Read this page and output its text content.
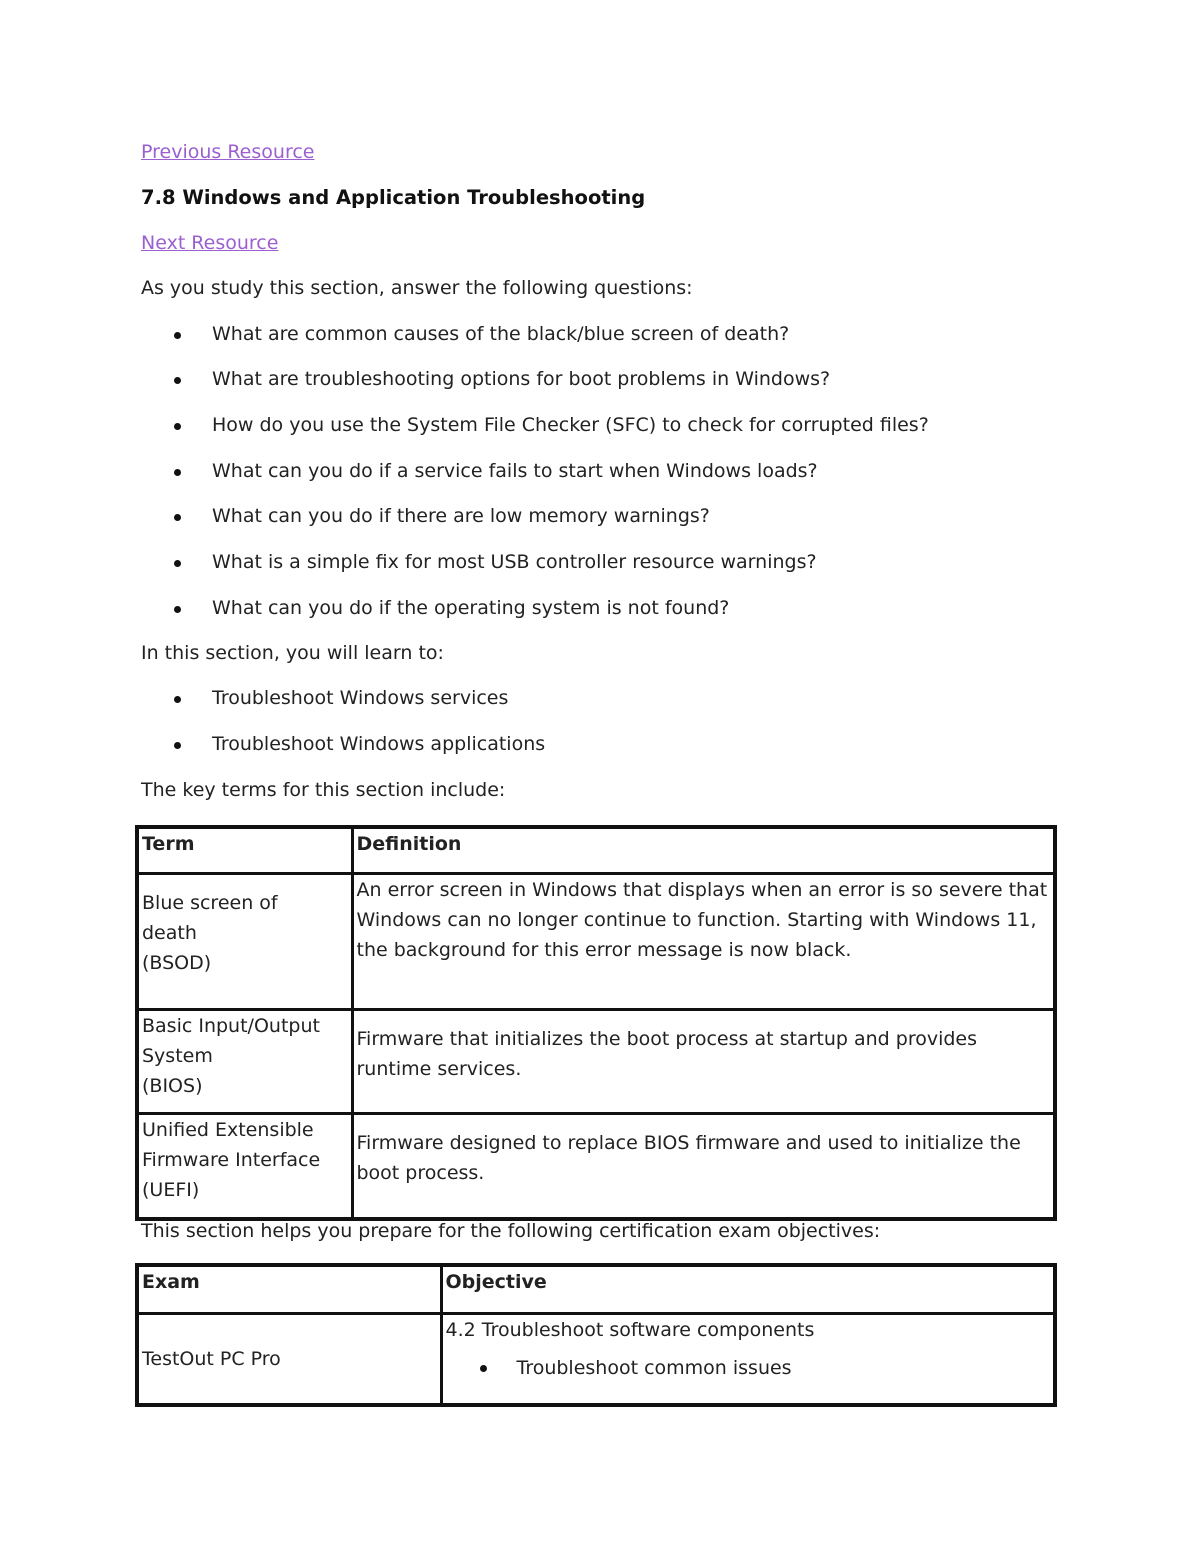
Previous Resource
7.8 Windows and Application Troubleshooting
Next Resource
As you study this section, answer the following questions:
What are common causes of the black/blue screen of death?
What are troubleshooting options for boot problems in Windows?
How do you use the System File Checker (SFC) to check for corrupted files?
What can you do if a service fails to start when Windows loads?
What can you do if there are low memory warnings?
What is a simple fix for most USB controller resource warnings?
What can you do if the operating system is not found?
In this section, you will learn to:
Troubleshoot Windows services
Troubleshoot Windows applications
The key terms for this section include:
Term	Definition

Blue screen of
death
(BSOD)	An error screen in Windows that displays when an error is so severe that Windows can no longer continue to function. Starting with Windows 11, the background for this error message is now black.

Basic Input/Output
System
(BIOS)	Firmware that initializes the boot process at startup and provides runtime services.

Unified Extensible
Firmware Interface
(UEFI)	Firmware designed to replace BIOS firmware and used to initialize the boot process.
This section helps you prepare for the following certification exam objectives:
Exam	Objective
TestOut PC Pro	4.2 Troubleshoot software components
Troubleshoot common issues
